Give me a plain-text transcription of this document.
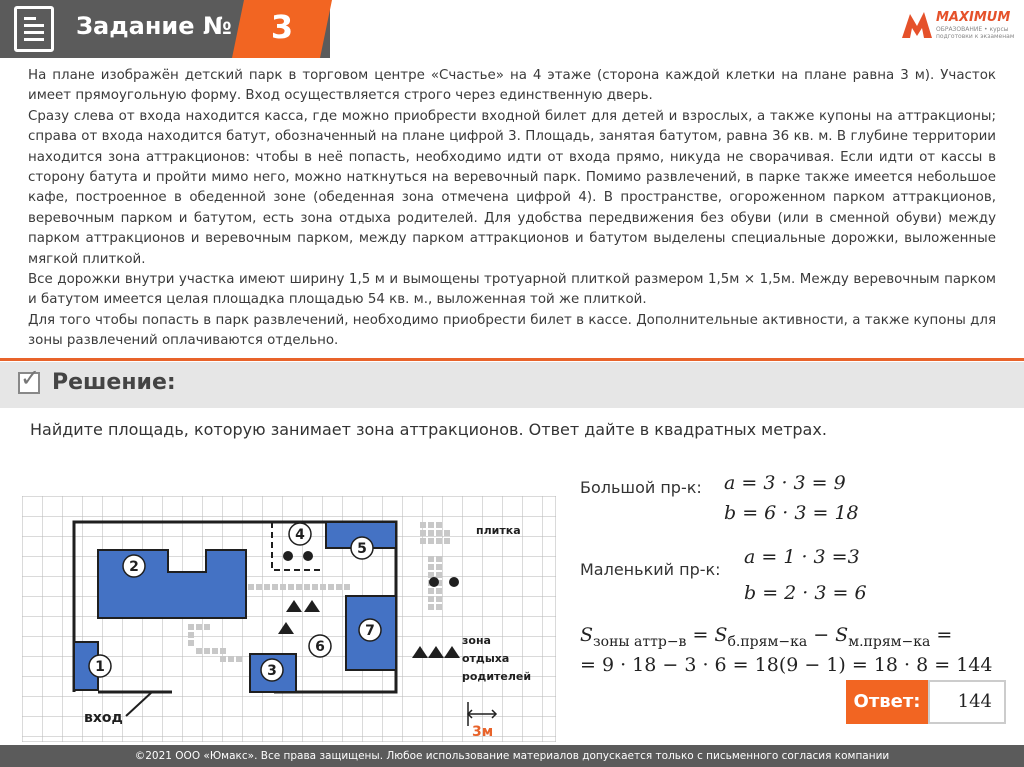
Задание №	3	MAXIMUM
ОБРАЗОВАНИЕ • курсы подготовки к экзаменам

На плане изображён детский парк в торговом центре «Счастье» на 4 этаже (сторона каждой клетки на плане равна 3 м). Участок имеет прямоугольную форму. Вход осуществляется строго через единственную дверь.

Сразу слева от входа находится касса, где можно приобрести входной билет для детей и взрослых, а также купоны на аттракционы; справа от входа находится батут, обозначенный на плане цифрой 3. Площадь, занятая батутом, равна 36 кв. м. В глубине территории находится зона аттракционов: чтобы в неё попасть, необходимо идти от входа прямо, никуда не сворачивая. Если идти от кассы в сторону батута и пройти мимо него, можно наткнуться на веревочный парк. Помимо развлечений, в парке также имеется небольшое кафе, построенное в обеденной зоне (обеденная зона отмечена цифрой 4). В пространстве, огороженном парком аттракционов, веревочным парком и батутом, есть зона отдыха родителей. Для удобства передвижения без обуви (или в сменной обуви) между парком аттракционов и веревочным парком, между парком аттракционов и батутом выделены специальные дорожки, выложенные мягкой плиткой.

Все дорожки внутри участка имеют ширину 1,5 м и вымощены тротуарной плиткой размером 1,5м × 1,5м. Между веревочным парком и батутом имеется целая площадка площадью 54 кв. м., выложенная той же плиткой.

Для того чтобы попасть в парк развлечений, необходимо приобрести билет в кассе. Дополнительные активности, а также купоны для зоны развлечений оплачиваются отдельно.

✓ Решение:
Найдите площадь, которую занимает зона аттракционов. Ответ дайте в квадратных метрах.
1
2
3
4
5
6
7
плитка
зона
отдыха
родителей
вход
3м
Большой пр-к: a = 3 · 3 = 9
b = 6 · 3 = 18
Маленький пр-к:
a = 1 · 3 =3
b = 2 · 3 = 6
$S_{зоны аттр-в} = S_{б.прям-ка} - S_{м.прям-ка}$ =
= 9 · 18 − 3 · 6 = 18(9 − 1) = 18 · 8 = 144
Ответ:	144
©2021 ООО «Юмакс». Все права защищены. Любое использование материалов допускается только с письменного согласия компании
